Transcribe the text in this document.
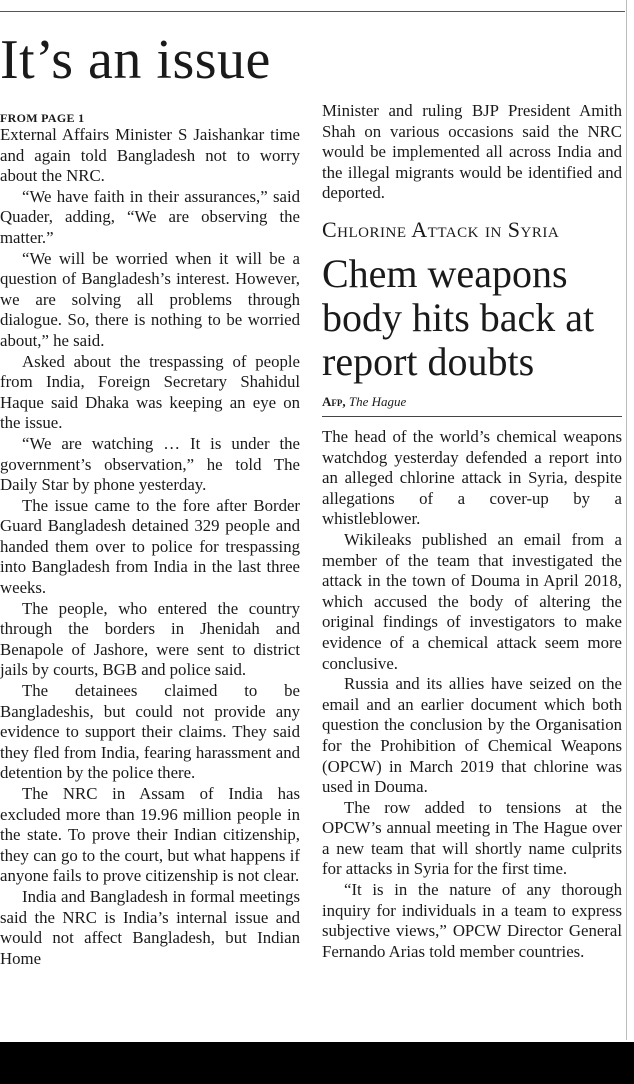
It’s an issue
FROM PAGE 1

External Affairs Minister S Jaishankar time and again told Bangladesh not to worry about the NRC.

“We have faith in their assurances,” said Quader, adding, “We are observing the matter.”

“We will be worried when it will be a question of Bangladesh’s interest. However, we are solving all problems through dialogue. So, there is nothing to be worried about,” he said.

Asked about the trespassing of people from India, Foreign Secretary Shahidul Haque said Dhaka was keeping an eye on the issue.

“We are watching … It is under the government’s observation,” he told The Daily Star by phone yesterday.

The issue came to the fore after Border Guard Bangladesh detained 329 people and handed them over to police for trespassing into Bangladesh from India in the last three weeks.

The people, who entered the country through the borders in Jhenidah and Benapole of Jashore, were sent to district jails by courts, BGB and police said.

The detainees claimed to be Bangladeshis, but could not provide any evidence to support their claims. They said they fled from India, fearing harassment and detention by the police there.

The NRC in Assam of India has excluded more than 19.96 million people in the state. To prove their Indian citizenship, they can go to the court, but what happens if anyone fails to prove citizenship is not clear.

India and Bangladesh in formal meetings said the NRC is India’s internal issue and would not affect Bangladesh, but Indian Home

Minister and ruling BJP President Amith Shah on various occasions said the NRC would be implemented all across India and the illegal migrants would be identified and deported.

Chlorine Attack in Syria
Chem weapons body hits back at report doubts
Afp, The Hague

The head of the world’s chemical weapons watchdog yesterday defended a report into an alleged chlorine attack in Syria, despite allegations of a cover-up by a whistleblower.

Wikileaks published an email from a member of the team that investigated the attack in the town of Douma in April 2018, which accused the body of altering the original findings of investigators to make evidence of a chemical attack seem more conclusive.

Russia and its allies have seized on the email and an earlier document which both question the conclusion by the Organisation for the Prohibition of Chemical Weapons (OPCW) in March 2019 that chlorine was used in Douma.

The row added to tensions at the OPCW’s annual meeting in The Hague over a new team that will shortly name culprits for attacks in Syria for the first time.

“It is in the nature of any thorough inquiry for individuals in a team to express subjective views,” OPCW Director General Fernando Arias told member countries.
